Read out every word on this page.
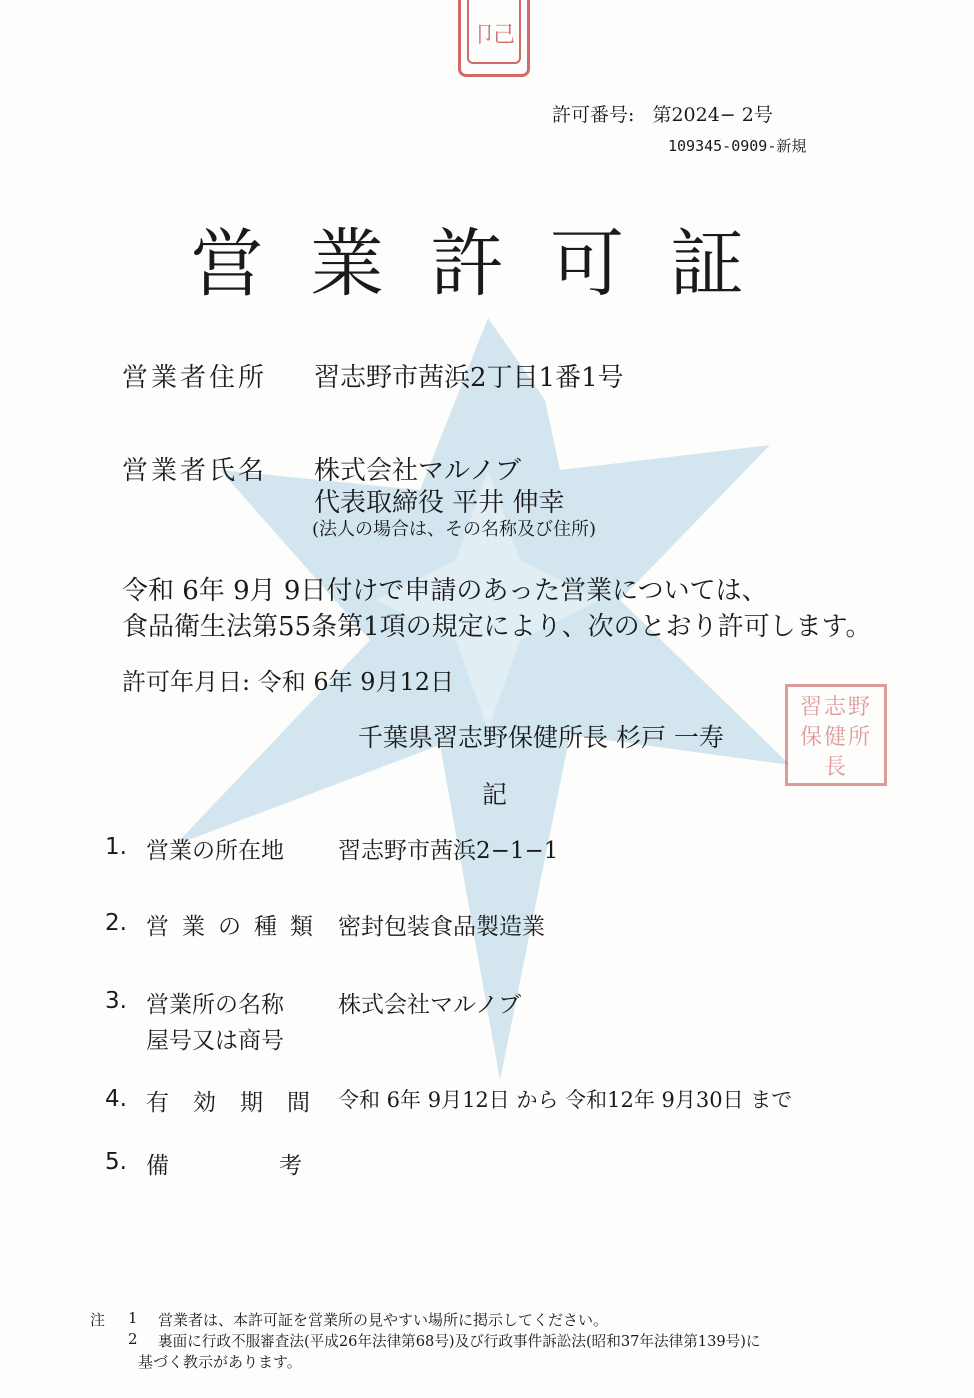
卩己
許可番号: 第2024− 2号
109345-0909-新規
営業許可証
営業者住所 習志野市茜浜2丁目1番1号
営業者氏名 株式会社マルノブ
代表取締役 平井 伸幸
(法人の場合は、その名称及び住所)
令和 6年 9月 9日付けで申請のあった営業については、
食品衛生法第55条第1項の規定により、次のとおり許可します。
許可年月日: 令和 6年 9月12日
千葉県習志野保健所長 杉戸 一寿
習志野保健所長
記
1. 営業の所在地 習志野市茜浜2−1−1
2. 営業の種類 密封包装食品製造業
3. 営業所の名称
屋号又は商号
株式会社マルノブ
4. 有効期間 令和 6年 9月12日 から 令和12年 9月30日 まで
5. 備考
注 1 営業者は、本許可証を営業所の見やすい場所に掲示してください。
2 裏面に行政不服審査法(平成26年法律第68号)及び行政事件訴訟法(昭和37年法律第139号)に
基づく教示があります。
